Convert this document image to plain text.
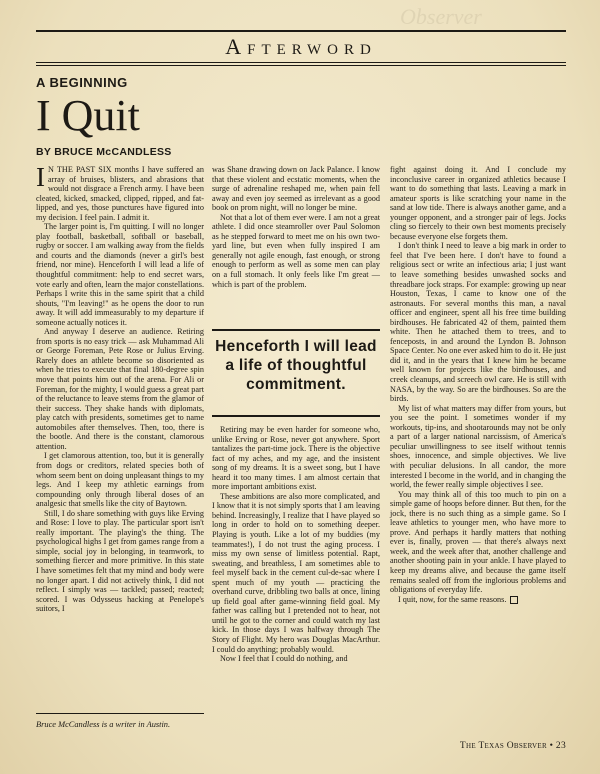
Observer
Afterword
A BEGINNING
I Quit
BY BRUCE McCANDLESS

I N THE PAST SIX months I have suffered an array of bruises, blisters, and abrasions that would not disgrace a French army. I have been cleated, kicked, smacked, clipped, ripped, and fat-lipped, and yes, those punctures have figured into my decision. I feel pain. I admit it.

The larger point is, I'm quitting. I will no longer play football, basketball, softball or baseball, rugby or soccer. I am walking away from the fields and courts and the diamonds (never a girl's best friend, nor mine). Henceforth I will lead a life of thoughtful commitment: help to end secret wars, vote early and often, learn the major constellations. Perhaps I write this in the same spirit that a child shouts, "I'm leaving!" as he opens the door to run away. It will add immeasurably to my departure if someone actually notices it.

And anyway I deserve an audience. Retiring from sports is no easy trick — ask Muhammad Ali or George Foreman, Pete Rose or Julius Erving. Rarely does an athlete become so disoriented as when he tries to execute that final 180-degree spin move that points him out of the arena. For Ali or Foreman, for the mighty, I would guess a great part of the reluctance to leave stems from the glamor of their success. They shake hands with diplomats, play catch with presidents, sometimes get to name automobiles after themselves. Then, too, there is the bootle. And there is the constant, clamorous attention.

I get clamorous attention, too, but it is generally from dogs or creditors, related species both of whom seem bent on doing unpleasant things to my legs. And I keep my athletic earnings from compounding only through liberal doses of an analgesic that smells like the city of Baytown.

Still, I do share something with guys like Erving and Rose: I love to play. The particular sport isn't really important. The playing's the thing. The psychological highs I get from games range from a simple, social joy in belonging, in teamwork, to something fiercer and more primitive. In this state I have sometimes felt that my mind and body were no longer apart. I did not actively think, I did not reflect. I simply was — tackled; passed; reacted; scored. I was Odysseus hacking at Penelope's suitors, I

Bruce McCandless is a writer in Austin.

was Shane drawing down on Jack Palance. I know that these violent and ecstatic moments, when the surge of adrenaline reshaped me, when pain fell away and even joy seemed as irrelevant as a good book on prom night, will no longer be mine.

Not that a lot of them ever were. I am not a great athlete. I did once steamroller over Paul Solomon as he stepped forward to meet me on his own two-yard line, but even when fully inspired I am generally not agile enough, fast enough, or strong enough to perform as well as some men can play on a full stomach. It only feels like I'm great — which is part of the problem.

Henceforth I will lead a life of thoughtful commitment.

Retiring may be even harder for someone who, unlike Erving or Rose, never got anywhere. Sport tantalizes the part-time jock. There is the objective fact of my aches, and my age, and the insistent song of my dreams. It is a sweet song, but I have heard it too many times. I am almost certain that more important ambitions exist.

These ambitions are also more complicated, and I know that it is not simply sports that I am leaving behind. Increasingly, I realize that I have played so long in order to hold on to something deeper. Playing is youth. Like a lot of my buddies (my teammates!), I do not trust the aging process. I miss my own sense of limitless potential. Rapt, sweating, and breathless, I am sometimes able to feel myself back in the cement cul-de-sac where I spent much of my youth — practicing the overhand curve, dribbling two balls at once, lining up field goal after game-winning field goal. My father was calling but I pretended not to hear, not until he got to the corner and could watch my last kick. In those days I was halfway through The Story of Flight. My hero was Douglas MacArthur. I could do anything; probably would.

Now I feel that I could do nothing, and

fight against doing it. And I conclude my inconclusive career in organized athletics because I want to do something that lasts. Leaving a mark in amateur sports is like scratching your name in the sand at low tide. There is always another game, and a younger opponent, and a stronger pair of legs. Jocks cling so fiercely to their own best moments precisely because everyone else forgets them.

I don't think I need to leave a big mark in order to feel that I've been here. I don't have to found a religious sect or write an infectious aria; I just want to leave something besides unwashed socks and threadbare jock straps. For example: growing up near Houston, Texas, I came to know one of the astronauts. For several months this man, a naval officer and engineer, spent all his free time building birdhouses. He fabricated 42 of them, painted them white. Then he attached them to trees, and to fenceposts, in and around the Lyndon B. Johnson Space Center. No one ever asked him to do it. He just did it, and in the years that I knew him he became well known for projects like the birdhouses, and creek cleanups, and screech owl care. He is still with NASA, by the way. So are the birdhouses. So are the birds.

My list of what matters may differ from yours, but you see the point. I sometimes wonder if my workouts, tip-ins, and shootarounds may not be only a part of a larger national narcissism, of America's peculiar unwillingness to see itself without tennis shoes, innocence, and simple objectives. We live with peculiar delusions. In all candor, the more interested I become in the world, and in changing the world, the fewer really simple objectives I see.

You may think all of this too much to pin on a simple game of hoops before dinner. But then, for the jock, there is no such thing as a simple game. So I leave athletics to younger men, who have more to prove. And perhaps it hardly matters that nothing ever is, finally, proven — that there's always next week, and the week after that, another challenge and another shooting pain in your ankle. I have played to keep my dreams alive, and because the game itself remains sealed off from the inglorious problems and obligations of everyday life.

I quit, now, for the same reasons.

The Texas Observer • 23
